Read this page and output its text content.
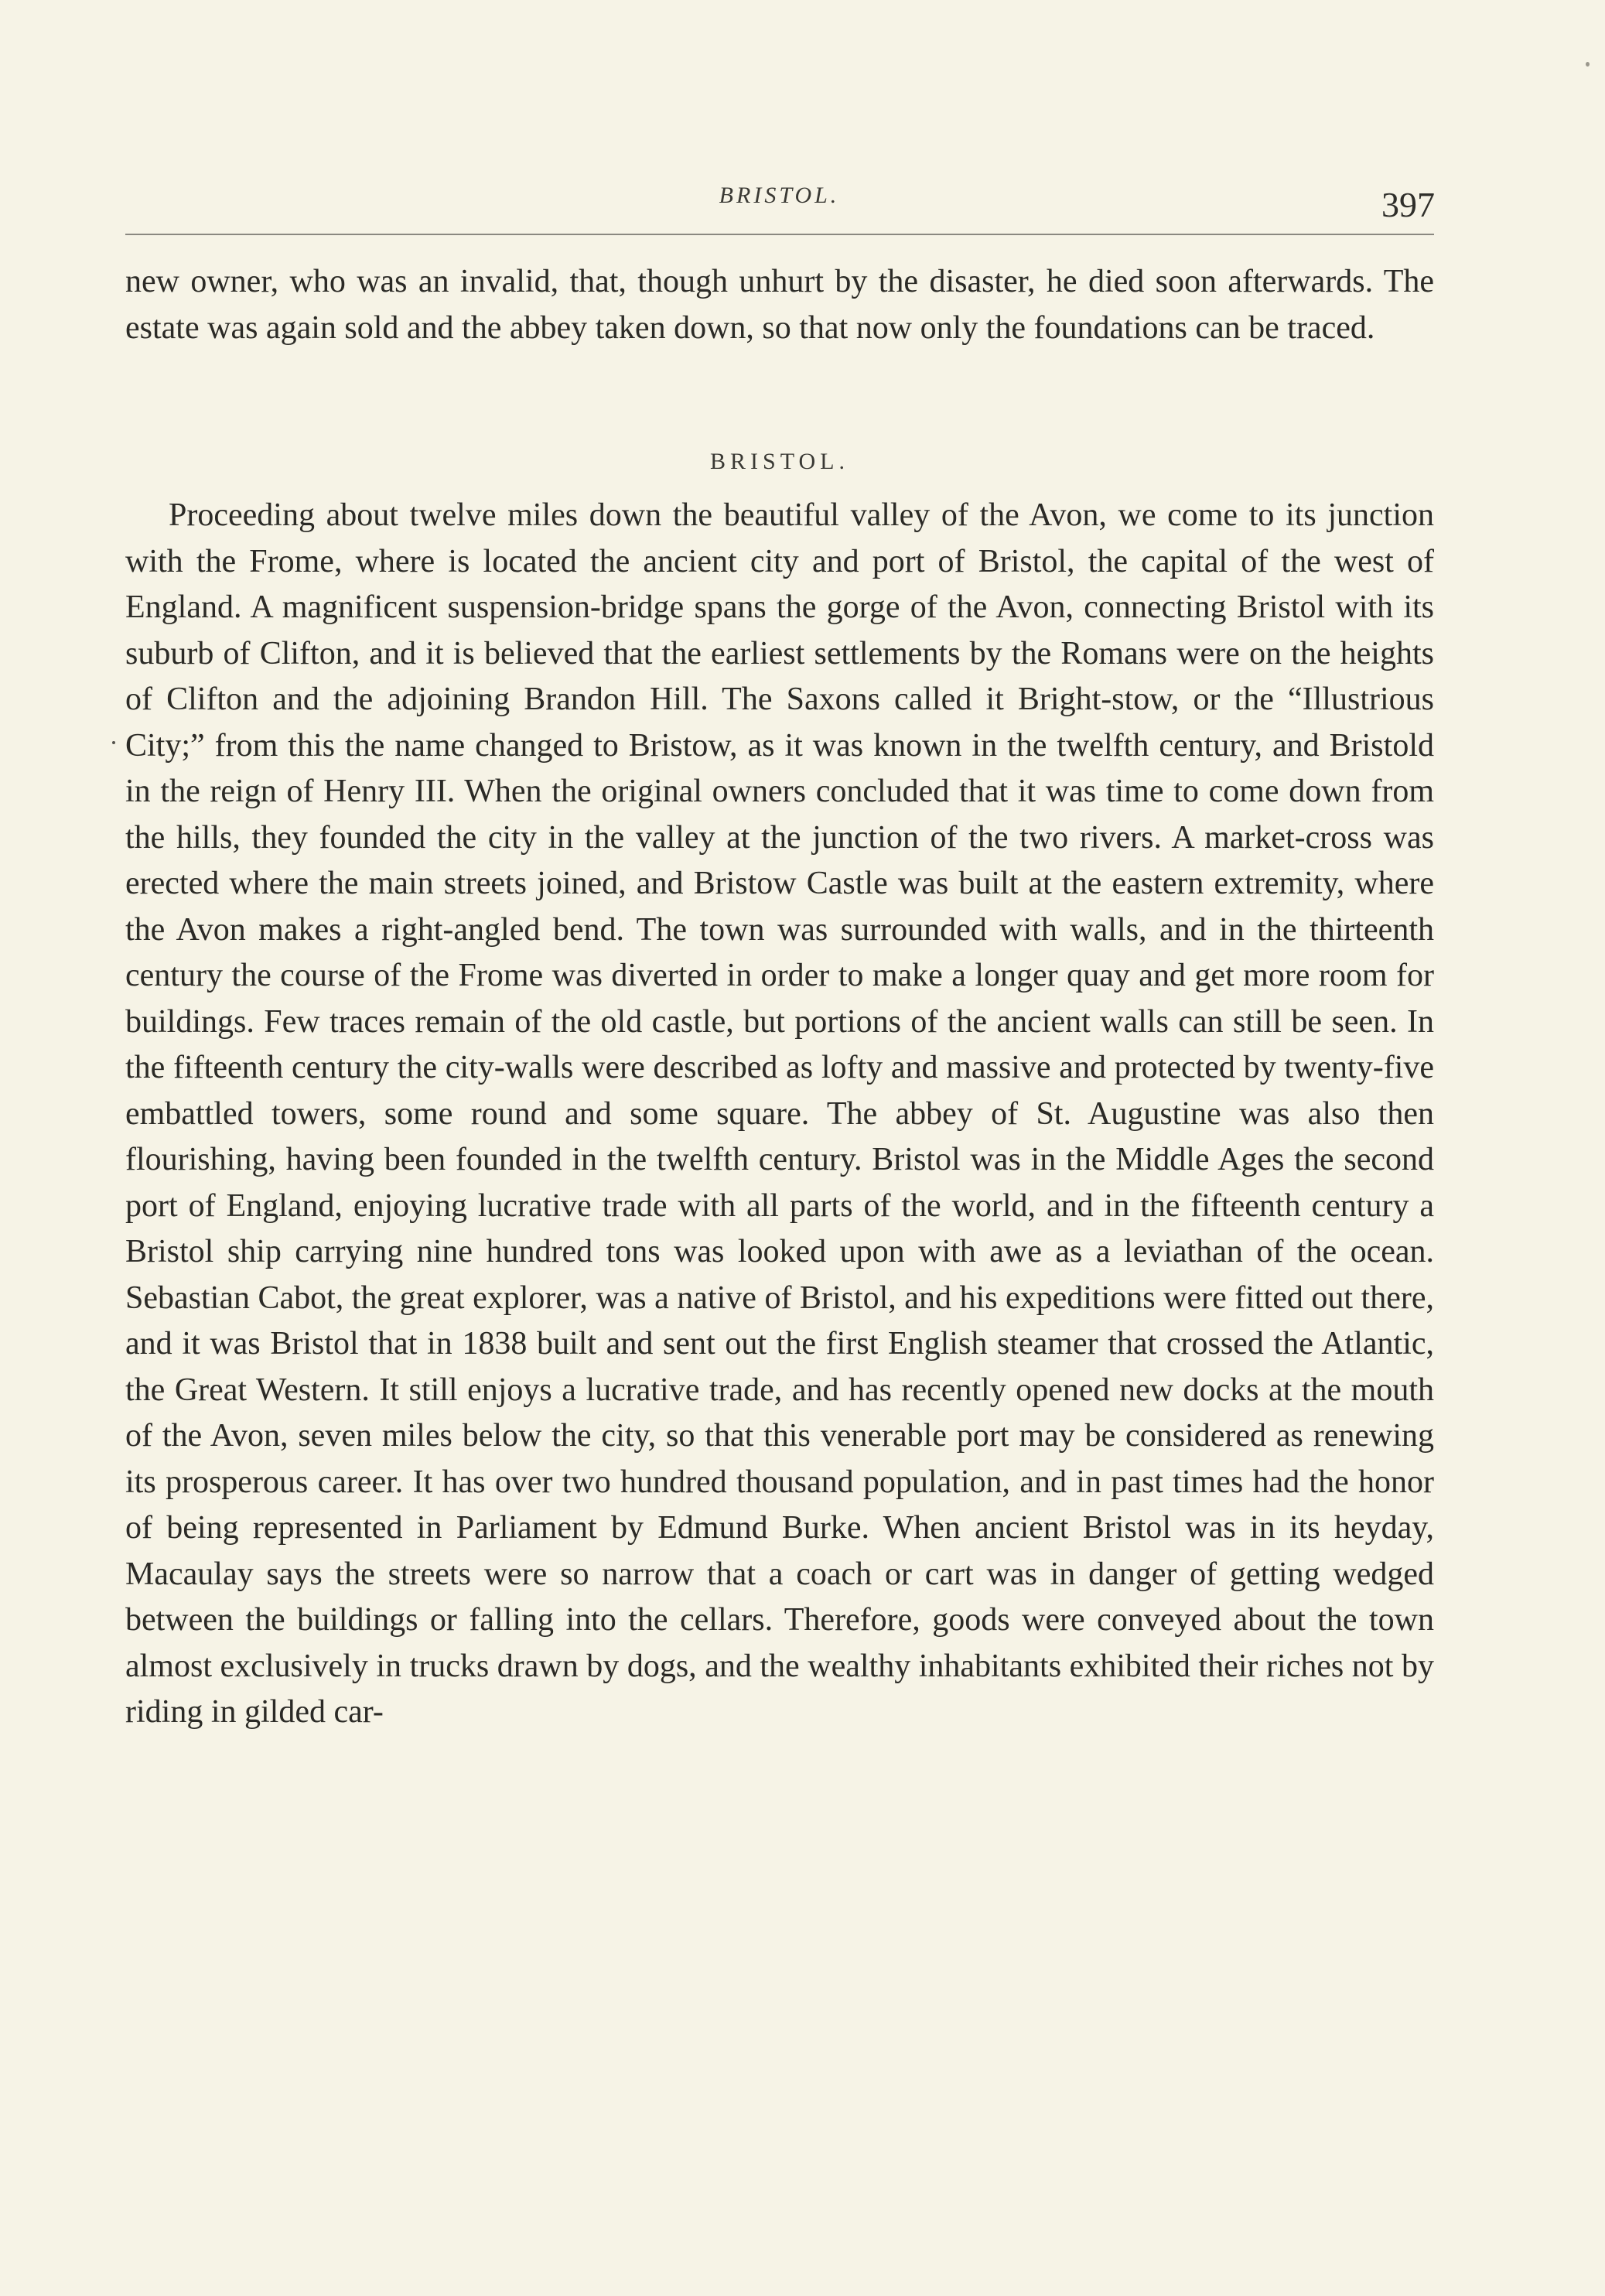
BRISTOL.	397

new owner, who was an invalid, that, though unhurt by the disaster, he died soon afterwards. The estate was again sold and the abbey taken down, so that now only the foundations can be traced.

BRISTOL.

Proceeding about twelve miles down the beautiful valley of the Avon, we come to its junction with the Frome, where is located the ancient city and port of Bristol, the capital of the west of England. A magnificent suspension-bridge spans the gorge of the Avon, connecting Bristol with its suburb of Clifton, and it is believed that the earliest settlements by the Romans were on the heights of Clifton and the adjoining Brandon Hill. The Saxons called it Bright-stow, or the “Illustrious City;” from this the name changed to Bristow, as it was known in the twelfth century, and Bristold in the reign of Henry III. When the original owners concluded that it was time to come down from the hills, they founded the city in the valley at the junction of the two rivers. A market-cross was erected where the main streets joined, and Bristow Castle was built at the eastern extremity, where the Avon makes a right-angled bend. The town was surrounded with walls, and in the thirteenth century the course of the Frome was diverted in order to make a longer quay and get more room for buildings. Few traces remain of the old castle, but portions of the ancient walls can still be seen. In the fifteenth century the city-walls were described as lofty and massive and protected by twenty-five embattled towers, some round and some square. The abbey of St. Augustine was also then flourishing, having been founded in the twelfth century. Bristol was in the Middle Ages the second port of England, enjoying lucrative trade with all parts of the world, and in the fifteenth century a Bristol ship carrying nine hundred tons was looked upon with awe as a leviathan of the ocean. Sebastian Cabot, the great explorer, was a native of Bristol, and his expeditions were fitted out there, and it was Bristol that in 1838 built and sent out the first English steamer that crossed the Atlantic, the Great Western. It still enjoys a lucrative trade, and has recently opened new docks at the mouth of the Avon, seven miles below the city, so that this venerable port may be considered as renewing its prosperous career. It has over two hundred thousand population, and in past times had the honor of being represented in Parliament by Edmund Burke. When ancient Bristol was in its heyday, Macaulay says the streets were so narrow that a coach or cart was in danger of getting wedged between the buildings or falling into the cellars. Therefore, goods were conveyed about the town almost exclusively in trucks drawn by dogs, and the wealthy inhabitants exhibited their riches not by riding in gilded car-
